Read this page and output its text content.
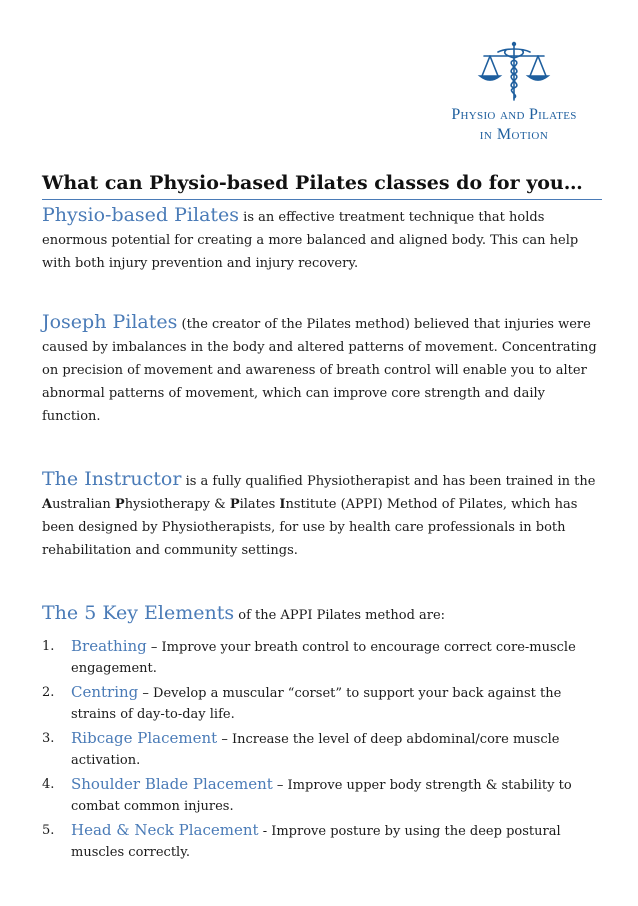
Physio and Pilates
in Motion
What can Physio-based Pilates classes do for you…

Physio-based Pilates is an effective treatment technique that holds enormous potential for creating a more balanced and aligned body. This can help with both injury prevention and injury recovery.

Joseph Pilates (the creator of the Pilates method) believed that injuries were caused by imbalances in the body and altered patterns of movement. Concentrating on precision of movement and awareness of breath control will enable you to alter abnormal patterns of movement, which can improve core strength and daily function.

The Instructor is a fully qualified Physiotherapist and has been trained in the Australian Physiotherapy & Pilates Institute (APPI) Method of Pilates, which has been designed by Physiotherapists, for use by health care professionals in both rehabilitation and community settings.

The 5 Key Elements of the APPI Pilates method are:

1. Breathing – Improve your breath control to encourage correct core-muscle engagement.
2. Centring – Develop a muscular “corset” to support your back against the strains of day-to-day life.
3. Ribcage Placement – Increase the level of deep abdominal/core muscle activation.
4. Shoulder Blade Placement – Improve upper body strength & stability to combat common injures.
5. Head & Neck Placement - Improve posture by using the deep postural muscles correctly.
